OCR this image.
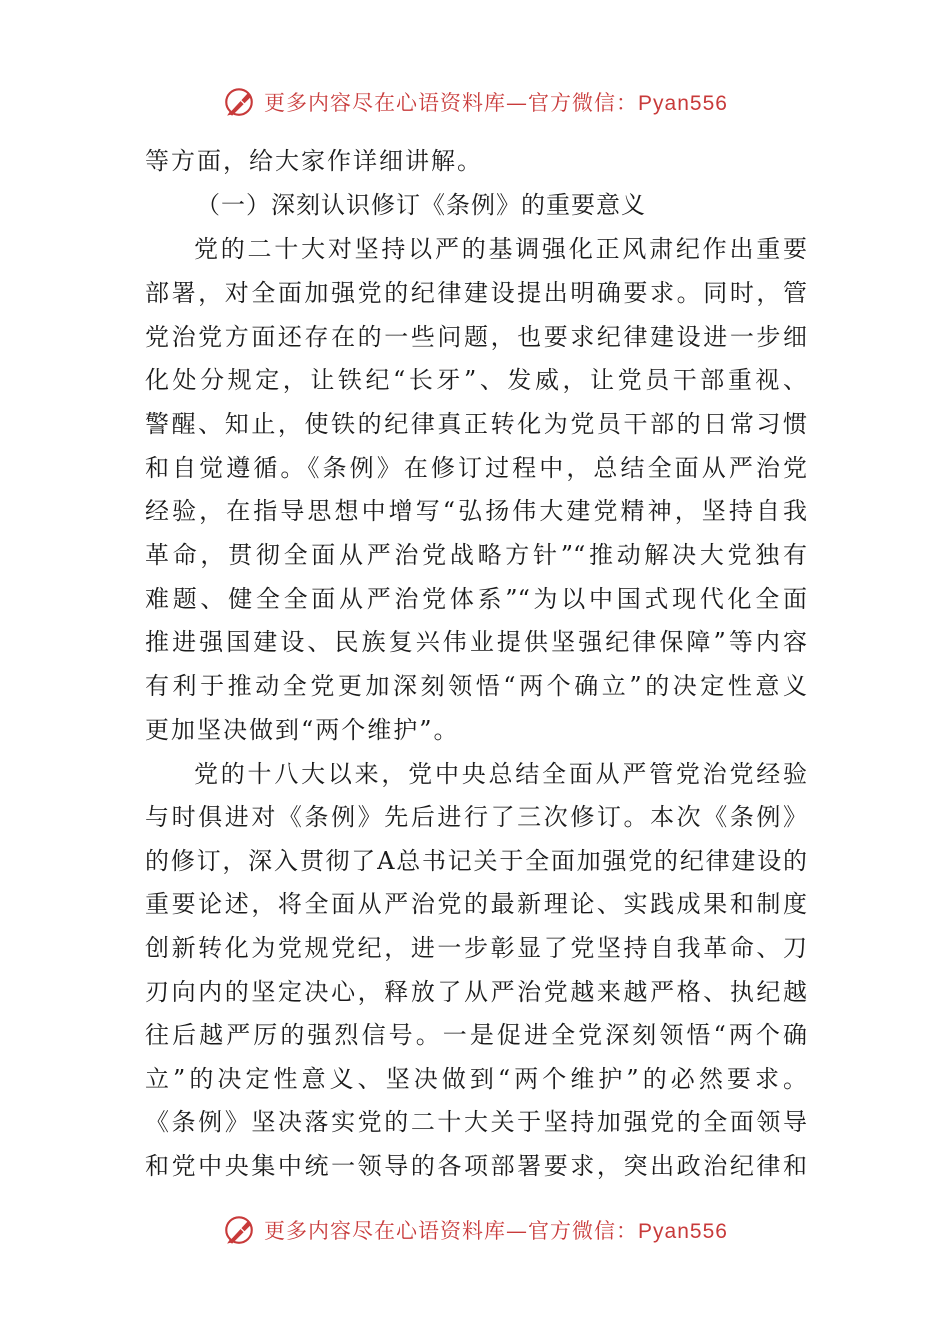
更多内容尽在心语资料库—官方微信：Pyan556
等方面，给大家作详细讲解。
（一）深刻认识修订《条例》的重要意义
党的二十大对坚持以严的基调强化正风肃纪作出重要
部署，对全面加强党的纪律建设提出明确要求。同时，管
党治党方面还存在的一些问题，也要求纪律建设进一步细
化处分规定，让铁纪“长牙”、发威，让党员干部重视、
警醒、知止，使铁的纪律真正转化为党员干部的日常习惯
和自觉遵循。《条例》在修订过程中，总结全面从严治党
经验，在指导思想中增写“弘扬伟大建党精神，坚持自我
革命，贯彻全面从严治党战略方针”“推动解决大党独有
难题、健全全面从严治党体系”“为以中国式现代化全面
推进强国建设、民族复兴伟业提供坚强纪律保障”等内容
有利于推动全党更加深刻领悟“两个确立”的决定性意义
更加坚决做到“两个维护”。
党的十八大以来，党中央总结全面从严管党治党经验
与时俱进对《条例》先后进行了三次修订。本次《条例》
的修订，深入贯彻了A总书记关于全面加强党的纪律建设的
重要论述，将全面从严治党的最新理论、实践成果和制度
创新转化为党规党纪，进一步彰显了党坚持自我革命、刀
刃向内的坚定决心，释放了从严治党越来越严格、执纪越
往后越严厉的强烈信号。一是促进全党深刻领悟“两个确
立”的决定性意义、坚决做到“两个维护”的必然要求。
《条例》坚决落实党的二十大关于坚持加强党的全面领导
和党中央集中统一领导的各项部署要求，突出政治纪律和
更多内容尽在心语资料库—官方微信：Pyan556
